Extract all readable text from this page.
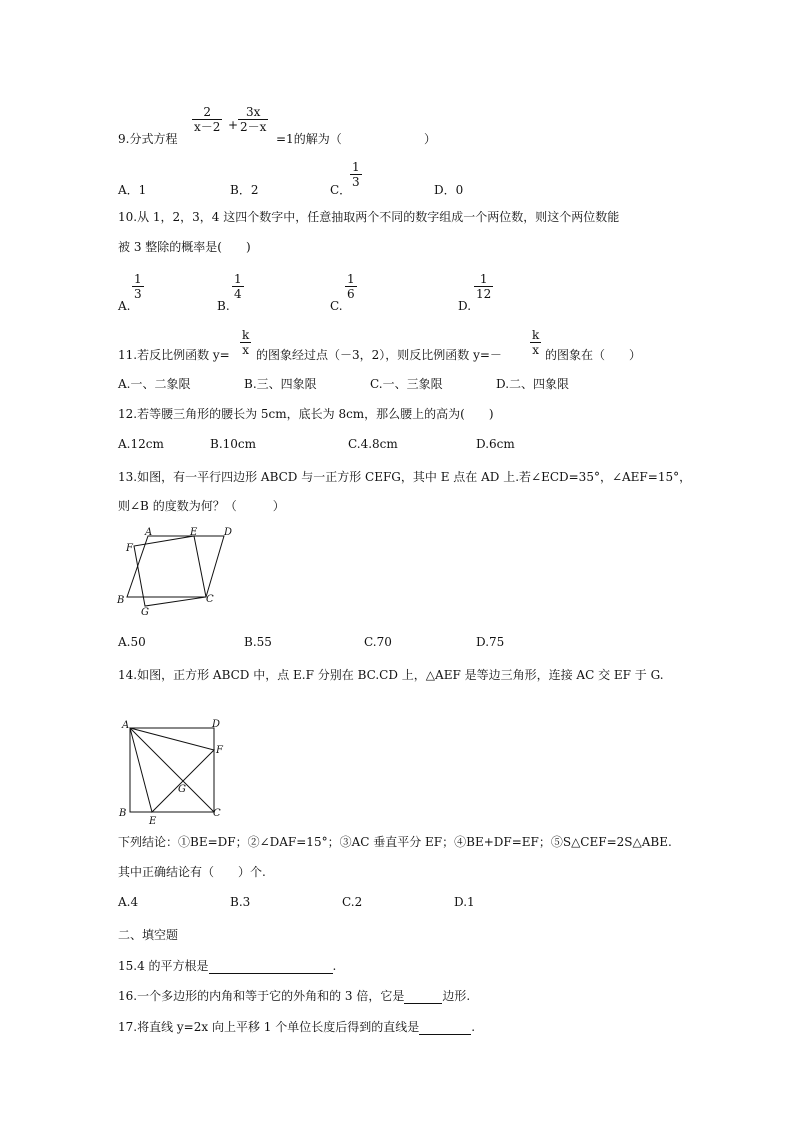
9.分式方程
2
x－2 +
3x
2－x
=1的解为（	）
A．1	B．2	C．
1
3
D．0
10.从 1，2，3，4 这四个数字中，任意抽取两个不同的数字组成一个两位数，则这个两位数能
被 3 整除的概率是(　　)
A.
1
3
B.
1
4
C.
1
6
D.
1
12
11.若反比例函数 y=
k
x 的图象经过点（－3，2），则反比例函数 y=－
k
x 的图象在（　　）
A.一、二象限	B.三、四象限	C.一、三象限	D.二、四象限
12.若等腰三角形的腰长为 5cm，底长为 8cm，那么腰上的高为(　　)
A.12cm	B.10cm	C.4.8cm	D.6cm
13.如图，有一平行四边形 ABCD 与一正方形 CEFG，其中 E 点在 AD 上.若∠ECD=35°，∠AEF=15°，
则∠B 的度数为何？（　　　）
A	E	D
F
B
G
C
A.50	B.55	C.70	D.75
14.如图，正方形 ABCD 中，点 E.F 分别在 BC.CD 上，△AEF 是等边三角形，连接 AC 交 EF 于 G.
A	D
F
G
B
E
C
下列结论：①BE=DF；②∠DAF=15°；③AC 垂直平分 EF；④BE+DF=EF；⑤S△CEF=2S△ABE.
其中正确结论有（　　）个.
A.4	B.3	C.2	D.1
二、填空题
15.4 的平方根是	.
16.一个多边形的内角和等于它的外角和的 3 倍，它是	边形.
17.将直线 y=2x 向上平移 1 个单位长度后得到的直线是	.
